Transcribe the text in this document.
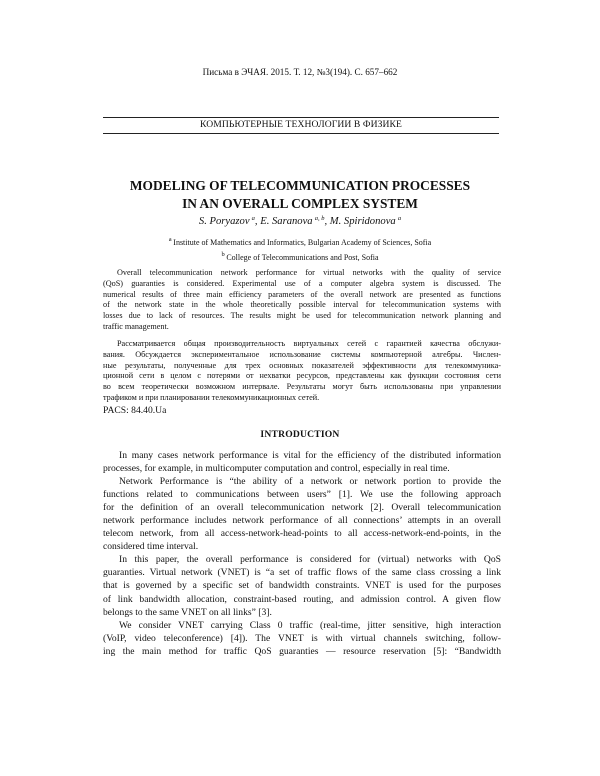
Письма в ЭЧАЯ. 2015. Т. 12, №3(194). С. 657–662
КОМПЬЮТЕРНЫЕ ТЕХНОЛОГИИ В ФИЗИКЕ
MODELING OF TELECOMMUNICATION PROCESSES
IN AN OVERALL COMPLEX SYSTEM
S. Poryazov  $^a$, E. Saranova  $^{a, b}$, M. Spiridonova  $^a$
$^a$  Institute of Mathematics and Informatics, Bulgarian Academy of Sciences, Sofia
$^b$  College of Telecommunications and Post, Sofia
Overall telecommunication network performance for virtual networks with the quality of service
(QoS) guaranties is considered. Experimental use of a computer algebra system is discussed. The
numerical results of three main efficiency parameters of the overall network are presented as functions
of the network state in the whole theoretically possible interval for telecommunication systems with
losses due to lack of resources. The results might be used for telecommunication network planning and
traffic management.
Рассматривается общая производительность виртуальных сетей с гарантией качества обслужи-
вания. Обсуждается экспериментальное использование системы компьютерной алгебры. Числен-
ные результаты, полученные для трех основных показателей эффективности для телекоммуника-
ционной сети в целом с потерями от нехватки ресурсов, представлены как функции состояния сети
во всем теоретически возможном интервале. Результаты могут быть использованы при управлении
трафиком и при планировании телекоммуникационных сетей.
PACS: 84.40.Ua
INTRODUCTION
In many cases network performance is vital for the efficiency of the distributed information
processes, for example, in multicomputer computation and control, especially in real time.
Network Performance is “the ability of a network or network portion to provide the
functions related to communications between users” [1]. We use the following approach
for the definition of an overall telecommunication network [2]. Overall telecommunication
network performance includes network performance of all connections’ attempts in an overall
telecom network, from all access-network-head-points to all access-network-end-points, in the
considered time interval.
In this paper, the overall performance is considered for (virtual) networks with QoS
guaranties. Virtual network (VNET) is “a set of traffic flows of the same class crossing a link
that is governed by a specific set of bandwidth constraints. VNET is used for the purposes
of link bandwidth allocation, constraint-based routing, and admission control. A given flow
belongs to the same VNET on all links” [3].
We consider VNET carrying Class 0 traffic (real-time, jitter sensitive, high interaction
(VoIP, video teleconference) [4]). The VNET is with virtual channels switching, follow-
ing the main method for traffic QoS guaranties — resource reservation [5]: “Bandwidth
